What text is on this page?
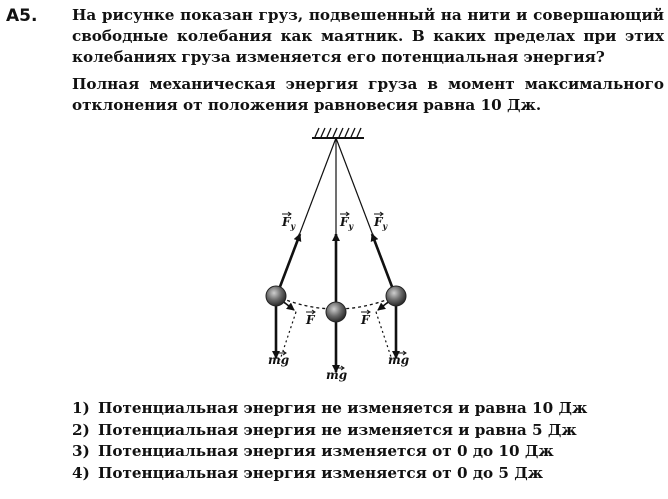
А5. На рисунке показан груз, подвешенный на нити и совершающий свободные колебания как маятник. В каких пределах при этих колебаниях груза изменяется его потенциальная энергия?

Полная механическая энергия груза в момент максимального отклонения от положения равновесия равна 10 Дж.

$F_y$	$F_y$ $F_y$
F	F
mg
mg
mg
1) Потенциальная энергия не изменяется и равна 10 Дж
2) Потенциальная энергия не изменяется и равна 5 Дж
3) Потенциальная энергия изменяется от 0 до 10 Дж
4) Потенциальная энергия изменяется от 0 до 5 Дж
